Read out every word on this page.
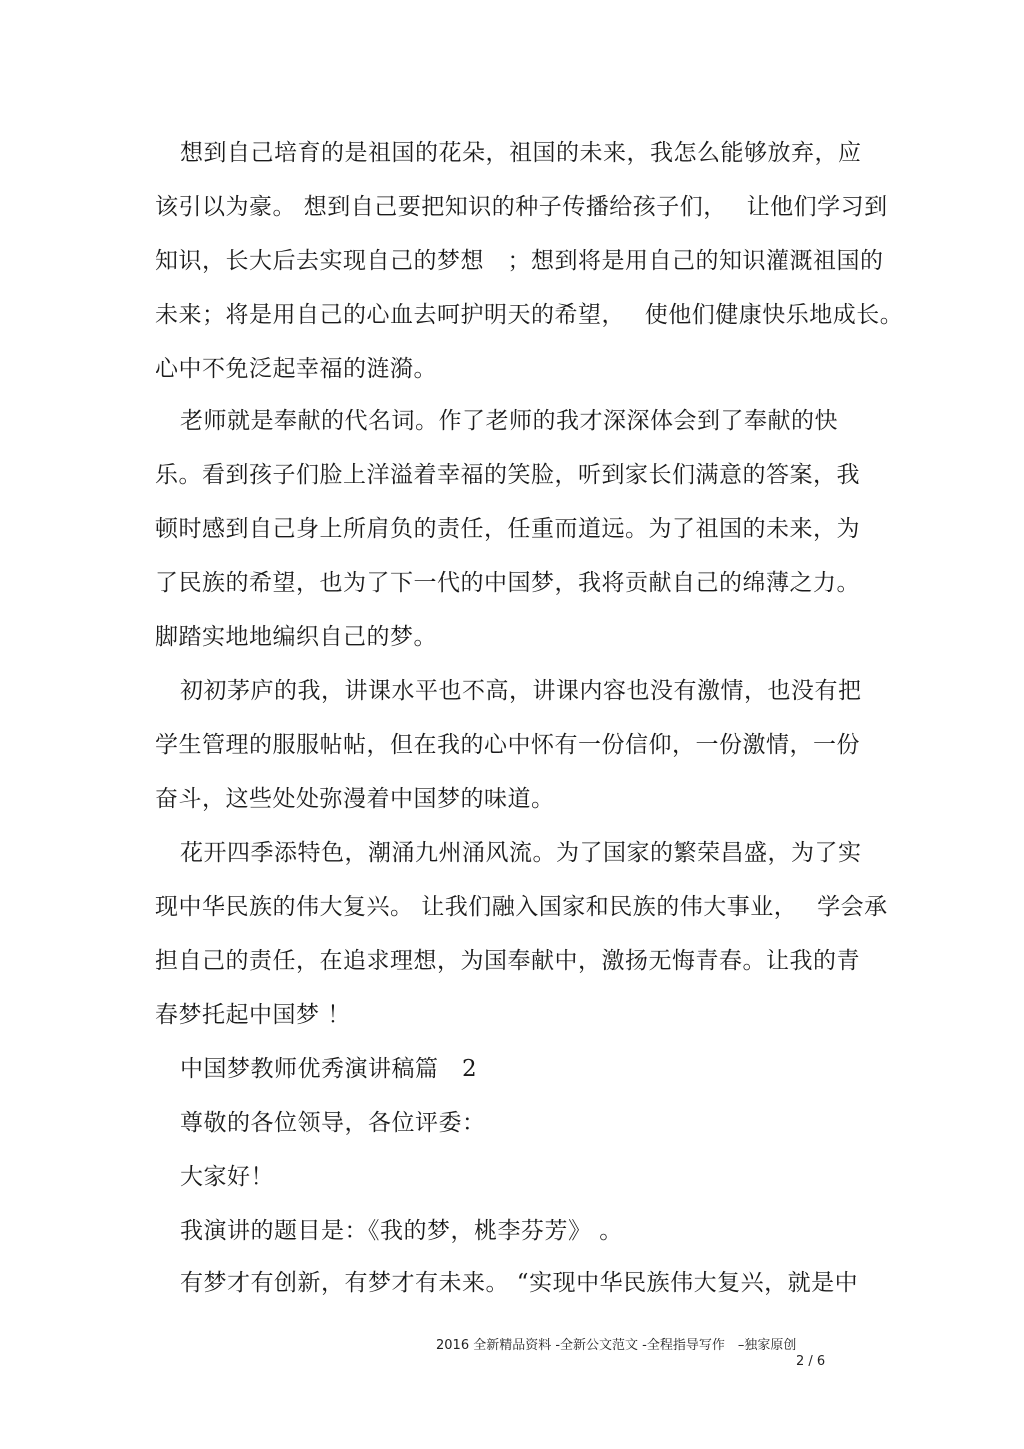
想到自己培育的是祖国的花朵，祖国的未来，我怎么能够放弃，应
该引以为豪。 想到自己要把知识的种子传播给孩子们，　 让他们学习到
知识，长大后去实现自己的梦想　；想到将是用自己的知识灌溉祖国的
未来；将是用自己的心血去呵护明天的希望，　 使他们健康快乐地成长。
心中不免泛起幸福的涟漪。
老师就是奉献的代名词。作了老师的我才深深体会到了奉献的快
乐。看到孩子们脸上洋溢着幸福的笑脸，听到家长们满意的答案，我
顿时感到自己身上所肩负的责任，任重而道远。为了祖国的未来，为
了民族的希望，也为了下一代的中国梦，我将贡献自己的绵薄之力。
脚踏实地地编织自己的梦。
初初茅庐的我，讲课水平也不高，讲课内容也没有激情，也没有把
学生管理的服服帖帖，但在我的心中怀有一份信仰，一份激情，一份
奋斗，这些处处弥漫着中国梦的味道。
花开四季添特色，潮涌九州涌风流。为了国家的繁荣昌盛，为了实
现中华民族的伟大复兴。 让我们融入国家和民族的伟大事业，　 学会承
担自己的责任，在追求理想，为国奉献中，激扬无悔青春。让我的青
春梦托起中国梦 ！
中国梦教师优秀演讲稿篇　2
尊敬的各位领导，各位评委：
大家好！
我演讲的题目是：《我的梦，桃李芬芳》 。
有梦才有创新，有梦才有未来。 “实现中华民族伟大复兴，就是中
2016 全新精品资料 -全新公文范文 -全程指导写作　–独家原创
2 / 6
